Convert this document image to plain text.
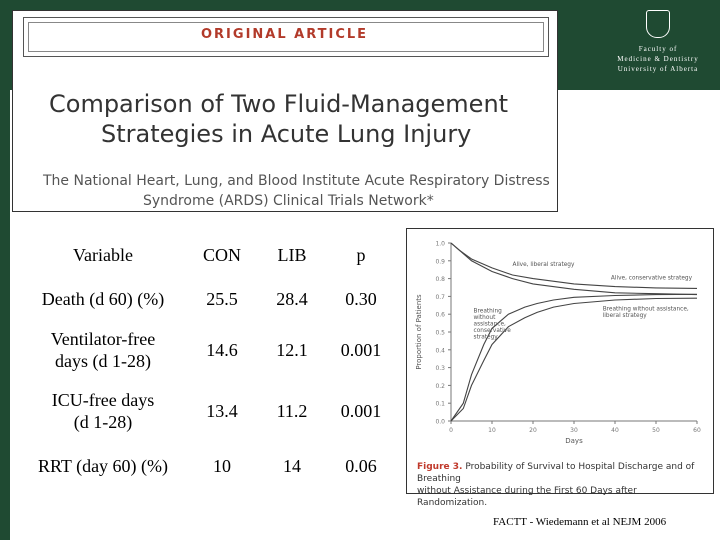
Faculty of
Medicine & Dentistry
University of Alberta
ORIGINAL ARTICLE
Comparison of Two Fluid-Management
Strategies in Acute Lung Injury
The National Heart, Lung, and Blood Institute Acute Respiratory Distress
Syndrome (ARDS) Clinical Trials Network*
Variable	CON	LIB	p
Death (d 60) (%)	25.5	28.4	0.30
Ventilator-free
days (d 1-28)	14.6	12.1	0.001
ICU-free days
(d 1-28)	13.4	11.2	0.001
RRT (day 60) (%)	10	14	0.06
0.0
0.1
0.2
0.3
0.4
0.5
0.6
0.7
0.8
0.9
1.0
0	10	20	30	40	50	60
Days
Proportion of Patients
Alive, liberal strategy
Alive, conservative strategy
Breathing
without
assistance,
conservative
strategy
Breathing without assistance,
liberal strategy
Figure 3. Probability of Survival to Hospital Discharge and of Breathing
without Assistance during the First 60 Days after Randomization.
FACTT - Wiedemann et al NEJM 2006
